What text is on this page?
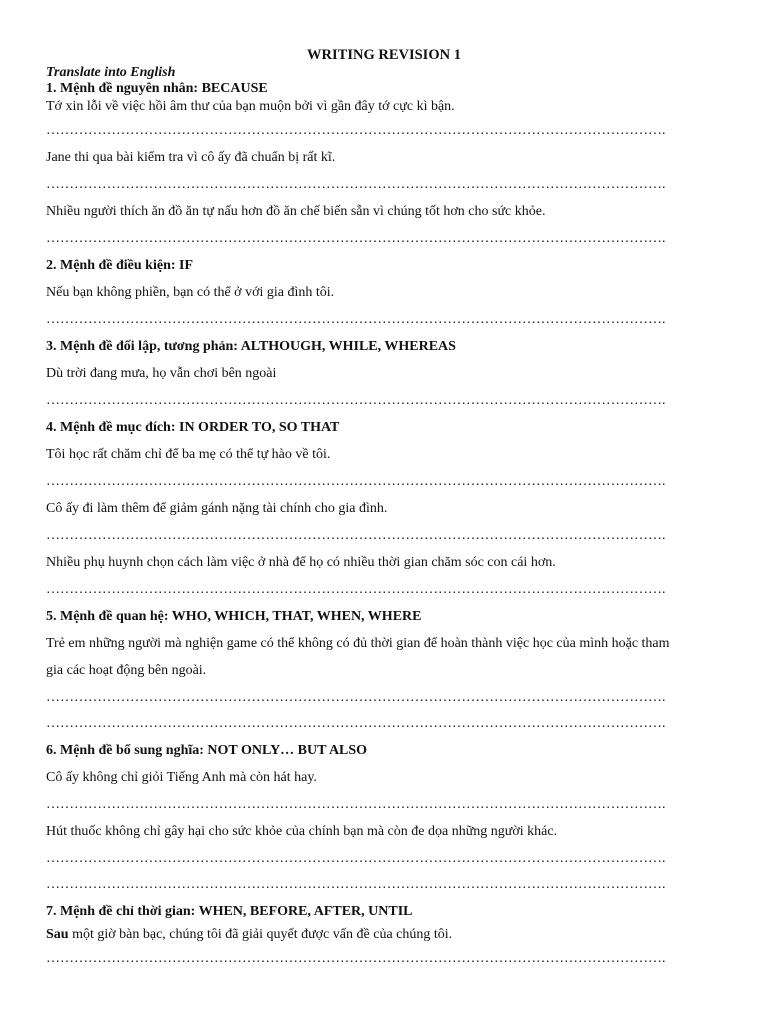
WRITING REVISION 1
Translate into English
1. Mệnh đề nguyên nhân: BECAUSE
Tớ xin lỗi về việc hồi âm thư của bạn muộn bởi vì gần đây tớ cực kì bận.
…………………………………………………………………………………………………………………….
Jane thi qua bài kiểm tra vì cô ấy đã chuẩn bị rất kĩ.
…………………………………………………………………………………………………………………….
Nhiều người thích ăn đồ ăn tự nấu hơn đồ ăn chế biến sẵn vì chúng tốt hơn cho sức khỏe.
…………………………………………………………………………………………………………………….
2. Mệnh đề điều kiện: IF
Nếu bạn không phiền, bạn có thể ở với gia đình tôi.
…………………………………………………………………………………………………………………….
3. Mệnh đề đối lập, tương phản: ALTHOUGH, WHILE, WHEREAS
Dù trời đang mưa, họ vẫn chơi bên ngoài
…………………………………………………………………………………………………………………….
4. Mệnh đề mục đích: IN ORDER TO, SO THAT
Tôi học rất chăm chỉ để ba mẹ có thể tự hào về tôi.
…………………………………………………………………………………………………………………….
Cô ấy đi làm thêm để giảm gánh nặng tài chính cho gia đình.
…………………………………………………………………………………………………………………….
Nhiều phụ huynh chọn cách làm việc ở nhà để họ có nhiều thời gian chăm sóc con cái hơn.
…………………………………………………………………………………………………………………….
5. Mệnh đề quan hệ: WHO, WHICH, THAT, WHEN, WHERE
Trẻ em những người mà nghiện game có thể không có đủ thời gian để hoàn thành việc học của mình hoặc tham
gia các hoạt động bên ngoài.
…………………………………………………………………………………………………………………….
…………………………………………………………………………………………………………………….
6. Mệnh đề bổ sung nghĩa: NOT ONLY… BUT ALSO
Cô ấy không chỉ giỏi Tiếng Anh mà còn hát hay.
…………………………………………………………………………………………………………………….
Hút thuốc không chỉ gây hại cho sức khỏe của chính bạn mà còn đe dọa những người khác.
…………………………………………………………………………………………………………………….
…………………………………………………………………………………………………………………….
7. Mệnh đề chỉ thời gian: WHEN, BEFORE, AFTER, UNTIL
Sau một giờ bàn bạc, chúng tôi đã giải quyết được vấn đề của chúng tôi.
…………………………………………………………………………………………………………………….
